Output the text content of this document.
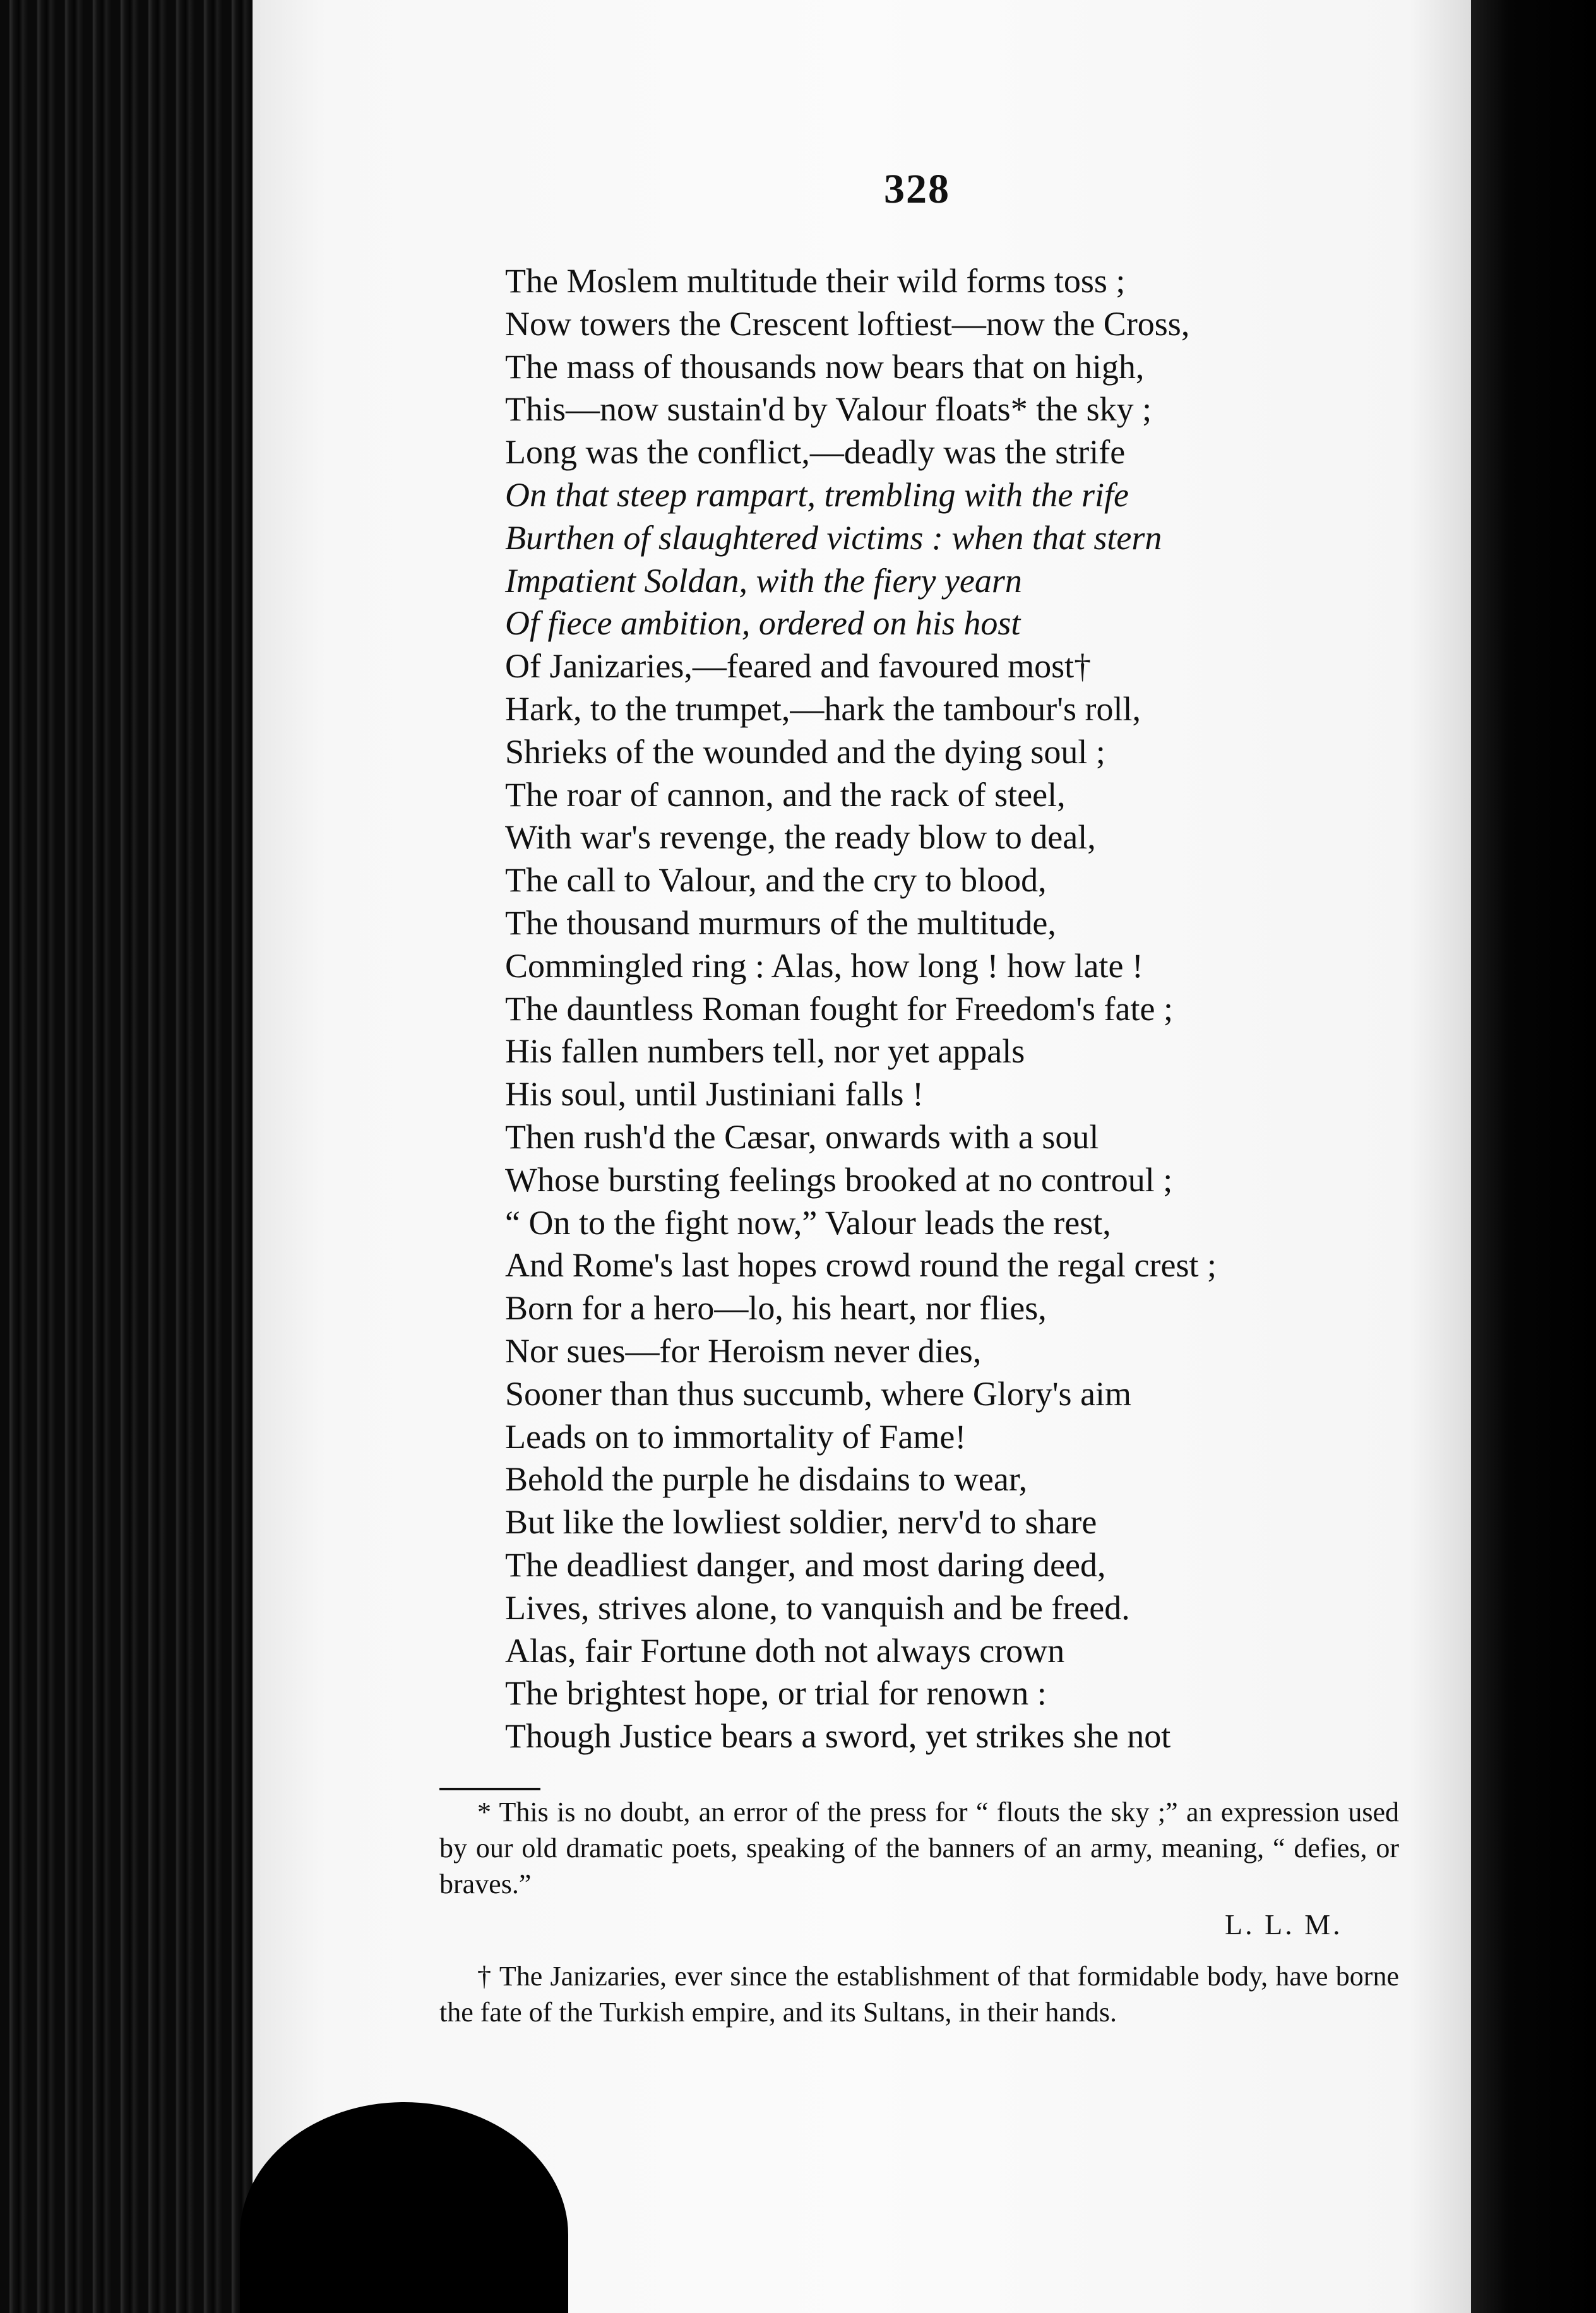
328
The Moslem multitude their wild forms toss ;
Now towers the Crescent loftiest—now the Cross,
The mass of thousands now bears that on high,
This—now sustain'd by Valour floats* the sky ;
Long was the conflict,—deadly was the strife
On that steep rampart, trembling with the rife
Burthen of slaughtered victims : when that stern
Impatient Soldan, with the fiery yearn
Of fiece ambition, ordered on his host
Of Janizaries,—feared and favoured most†
Hark, to the trumpet,—hark the tambour's roll,
Shrieks of the wounded and the dying soul ;
The roar of cannon, and the rack of steel,
With war's revenge, the ready blow to deal,
The call to Valour, and the cry to blood,
The thousand murmurs of the multitude,
Commingled ring : Alas, how long ! how late !
The dauntless Roman fought for Freedom's fate ;
His fallen numbers tell, nor yet appals
His soul, until Justiniani falls !
Then rush'd the Cæsar, onwards with a soul
Whose bursting feelings brooked at no controul ;
“ On to the fight now,” Valour leads the rest,
And Rome's last hopes crowd round the regal crest ;
Born for a hero—lo, his heart, nor flies,
Nor sues—for Heroism never dies,
Sooner than thus succumb, where Glory's aim
Leads on to immortality of Fame!
Behold the purple he disdains to wear,
But like the lowliest soldier, nerv'd to share
The deadliest danger, and most daring deed,
Lives, strives alone, to vanquish and be freed.
Alas, fair Fortune doth not always crown
The brightest hope, or trial for renown :
Though Justice bears a sword, yet strikes she not
* This is no doubt, an error of the press for “ flouts the sky ;” an expression used by our old dramatic poets, speaking of the banners of an army, meaning, “ defies, or braves.”
L. L. M.
† The Janizaries, ever since the establishment of that formidable body, have borne the fate of the Turkish empire, and its Sultans, in their hands.
